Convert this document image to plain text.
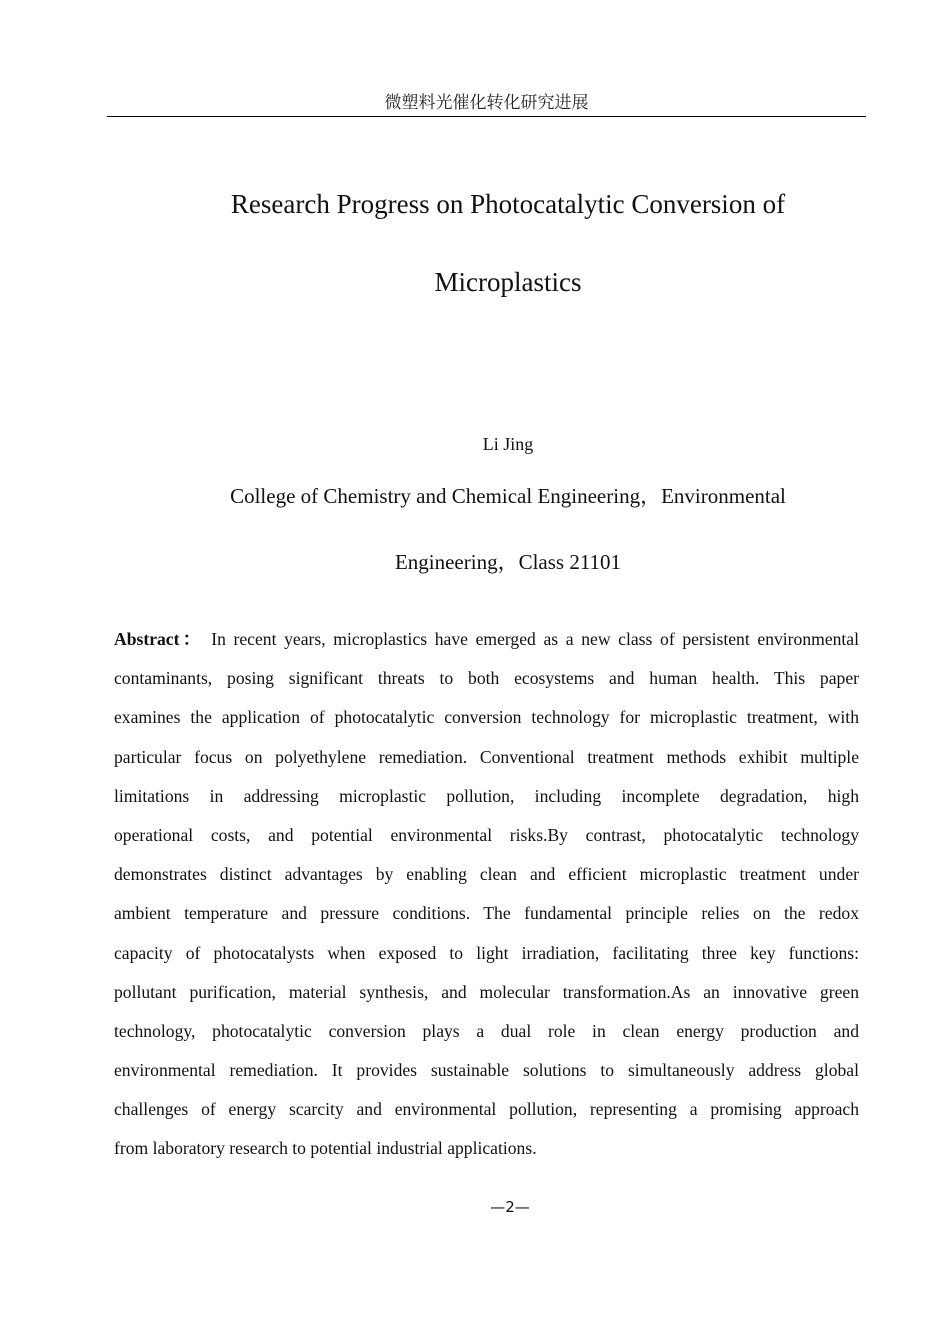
微塑料光催化转化研究进展
Research Progress on Photocatalytic Conversion of
Microplastics
Li Jing
College of Chemistry and Chemical Engineering，Environmental
Engineering，Class 21101
Abstract： In recent years, microplastics have emerged as a new class of persistent environmental
contaminants, posing significant threats to both ecosystems and human health. This paper
examines the application of photocatalytic conversion technology for microplastic treatment, with
particular focus on polyethylene remediation. Conventional treatment methods exhibit multiple
limitations in addressing microplastic pollution, including incomplete degradation, high
operational costs, and potential environmental risks.By contrast, photocatalytic technology
demonstrates distinct advantages by enabling clean and efficient microplastic treatment under
ambient temperature and pressure conditions. The fundamental principle relies on the redox
capacity of photocatalysts when exposed to light irradiation, facilitating three key functions:
pollutant purification, material synthesis, and molecular transformation.As an innovative green
technology, photocatalytic conversion plays a dual role in clean energy production and
environmental remediation. It provides sustainable solutions to simultaneously address global
challenges of energy scarcity and environmental pollution, representing a promising approach
from laboratory research to potential industrial applications.
—2—
